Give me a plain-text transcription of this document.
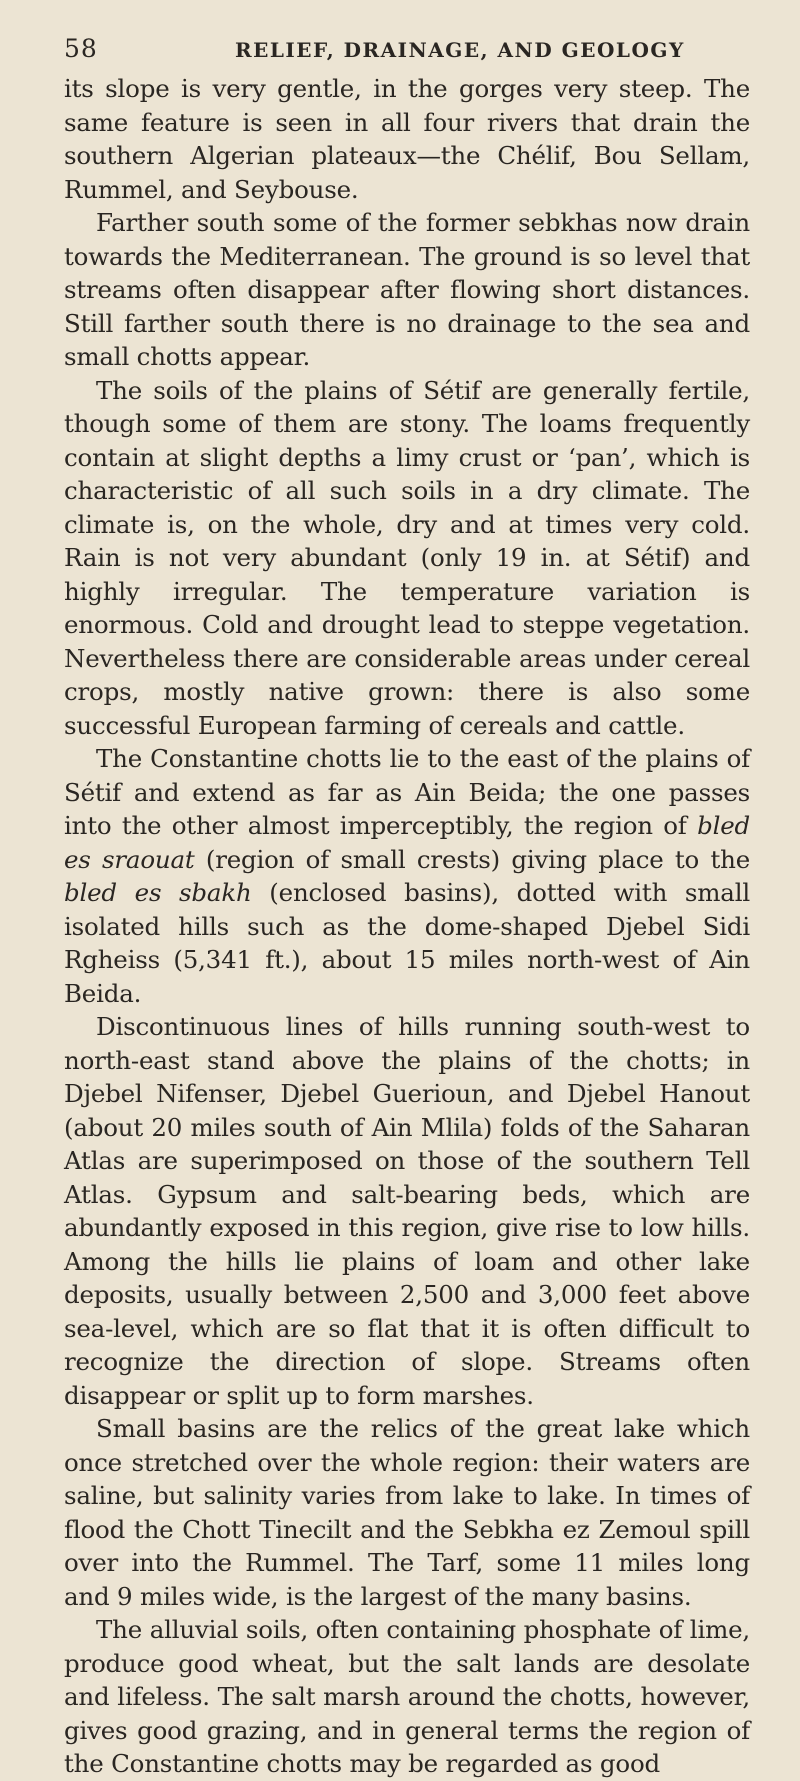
58	RELIEF, DRAINAGE, AND GEOLOGY

its slope is very gentle, in the gorges very steep. The same feature is seen in all four rivers that drain the southern Algerian plateaux—the Chélif, Bou Sellam, Rummel, and Seybouse.

Farther south some of the former sebkhas now drain towards the Mediterranean. The ground is so level that streams often disappear after flowing short distances. Still farther south there is no drainage to the sea and small chotts appear.

The soils of the plains of Sétif are generally fertile, though some of them are stony. The loams frequently contain at slight depths a limy crust or ‘pan’, which is characteristic of all such soils in a dry climate. The climate is, on the whole, dry and at times very cold. Rain is not very abundant (only 19 in. at Sétif) and highly irregular. The temperature variation is enormous. Cold and drought lead to steppe vegetation. Nevertheless there are considerable areas under cereal crops, mostly native grown: there is also some successful European farming of cereals and cattle.

The Constantine chotts lie to the east of the plains of Sétif and extend as far as Ain Beida; the one passes into the other almost imperceptibly, the region of bled es sraouat (region of small crests) giving place to the bled es sbakh (enclosed basins), dotted with small isolated hills such as the dome-shaped Djebel Sidi Rgheiss (5,341 ft.), about 15 miles north-west of Ain Beida.

Discontinuous lines of hills running south-west to north-east stand above the plains of the chotts; in Djebel Nifenser, Djebel Guerioun, and Djebel Hanout (about 20 miles south of Ain Mlila) folds of the Saharan Atlas are superimposed on those of the southern Tell Atlas. Gypsum and salt-bearing beds, which are abundantly exposed in this region, give rise to low hills. Among the hills lie plains of loam and other lake deposits, usually between 2,500 and 3,000 feet above sea-level, which are so flat that it is often difficult to recognize the direction of slope. Streams often disappear or split up to form marshes.

Small basins are the relics of the great lake which once stretched over the whole region: their waters are saline, but salinity varies from lake to lake. In times of flood the Chott Tinecilt and the Sebkha ez Zemoul spill over into the Rummel. The Tarf, some 11 miles long and 9 miles wide, is the largest of the many basins.

The alluvial soils, often containing phosphate of lime, produce good wheat, but the salt lands are desolate and lifeless. The salt marsh around the chotts, however, gives good grazing, and in general terms the region of the Constantine chotts may be regarded as good
